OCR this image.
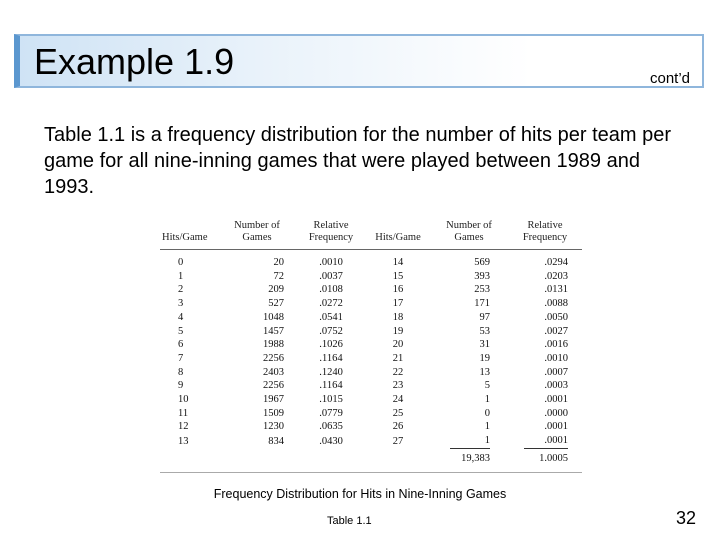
Example 1.9	cont’d
Table 1.1 is a frequency distribution for the number of hits per team per game for all nine-inning games that were played between 1989 and 1993.
Hits/Game	Number of Games	Relative Frequency	Hits/Game	Number of Games	Relative Frequency
0	20	.0010	14	569	.0294
1	72	.0037	15	393	.0203
2	209	.0108	16	253	.0131
3	527	.0272	17	171	.0088
4	1048	.0541	18	97	.0050
5	1457	.0752	19	53	.0027
6	1988	.1026	20	31	.0016
7	2256	.1164	21	19	.0010
8	2403	.1240	22	13	.0007
9	2256	.1164	23	5	.0003
10	1967	.1015	24	1	.0001
11	1509	.0779	25	0	.0000
12	1230	.0635	26	1	.0001
13	834	.0430	27	1	.0001
				19,383	1.0005
Frequency Distribution for Hits in Nine-Inning Games
Table 1.1	32
